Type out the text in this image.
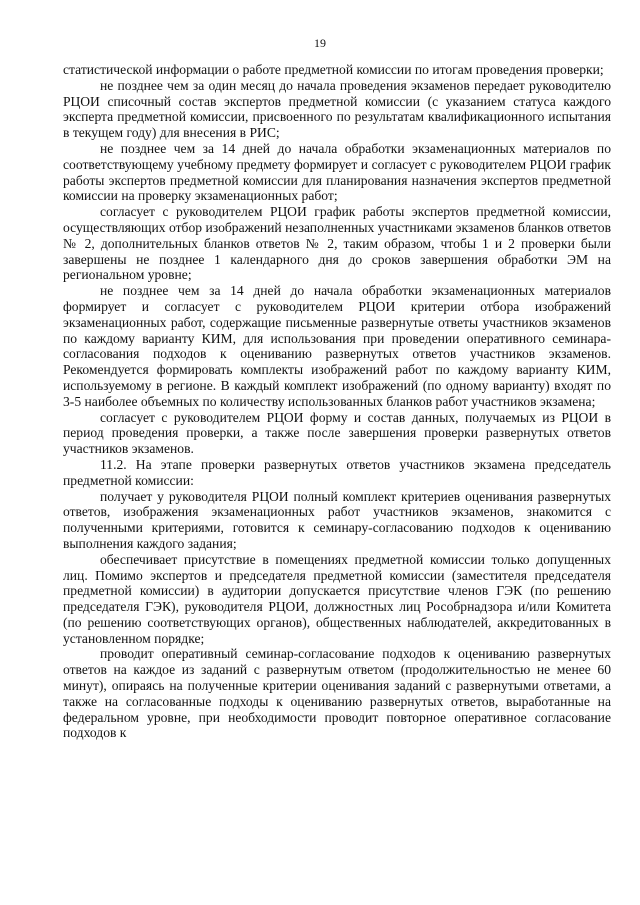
19

статистической информации о работе предметной комиссии по итогам проведения проверки;

не позднее чем за один месяц до начала проведения экзаменов передает руководителю РЦОИ списочный состав экспертов предметной комиссии (с указанием статуса каждого эксперта предметной комиссии, присвоенного по результатам квалификационного испытания в текущем году) для внесения в РИС;

не позднее чем за 14 дней до начала обработки экзаменационных материалов по соответствующему учебному предмету формирует и согласует с руководителем РЦОИ график работы экспертов предметной комиссии для планирования назначения экспертов предметной комиссии на проверку экзаменационных работ;

согласует с руководителем РЦОИ график работы экспертов предметной комиссии, осуществляющих отбор изображений незаполненных участниками экзаменов бланков ответов № 2, дополнительных бланков ответов № 2, таким образом, чтобы 1 и 2 проверки были завершены не позднее 1 календарного дня до сроков завершения обработки ЭМ на региональном уровне;

не позднее чем за 14 дней до начала обработки экзаменационных материалов формирует и согласует с руководителем РЦОИ критерии отбора изображений экзаменационных работ, содержащие письменные развернутые ответы участников экзаменов по каждому варианту КИМ, для использования при проведении оперативного семинара-согласования подходов к оцениванию развернутых ответов участников экзаменов. Рекомендуется формировать комплекты изображений работ по каждому варианту КИМ, используемому в регионе. В каждый комплект изображений (по одному варианту) входят по 3-5 наиболее объемных по количеству использованных бланков работ участников экзамена;

согласует с руководителем РЦОИ форму и состав данных, получаемых из РЦОИ в период проведения проверки, а также после завершения проверки развернутых ответов участников экзаменов.

11.2. На этапе проверки развернутых ответов участников экзамена председатель предметной комиссии:

получает у руководителя РЦОИ полный комплект критериев оценивания развернутых ответов, изображения экзаменационных работ участников экзаменов, знакомится с полученными критериями, готовится к семинару-согласованию подходов к оцениванию выполнения каждого задания;

обеспечивает присутствие в помещениях предметной комиссии только допущенных лиц. Помимо экспертов и председателя предметной комиссии (заместителя председателя предметной комиссии) в аудитории допускается присутствие членов ГЭК (по решению председателя ГЭК), руководителя РЦОИ, должностных лиц Рособрнадзора и/или Комитета (по решению соответствующих органов), общественных наблюдателей, аккредитованных в установленном порядке;

проводит оперативный семинар-согласование подходов к оцениванию развернутых ответов на каждое из заданий с развернутым ответом (продолжительностью не менее 60 минут), опираясь на полученные критерии оценивания заданий с развернутыми ответами, а также на согласованные подходы к оцениванию развернутых ответов, выработанные на федеральном уровне, при необходимости проводит повторное оперативное согласование подходов к
